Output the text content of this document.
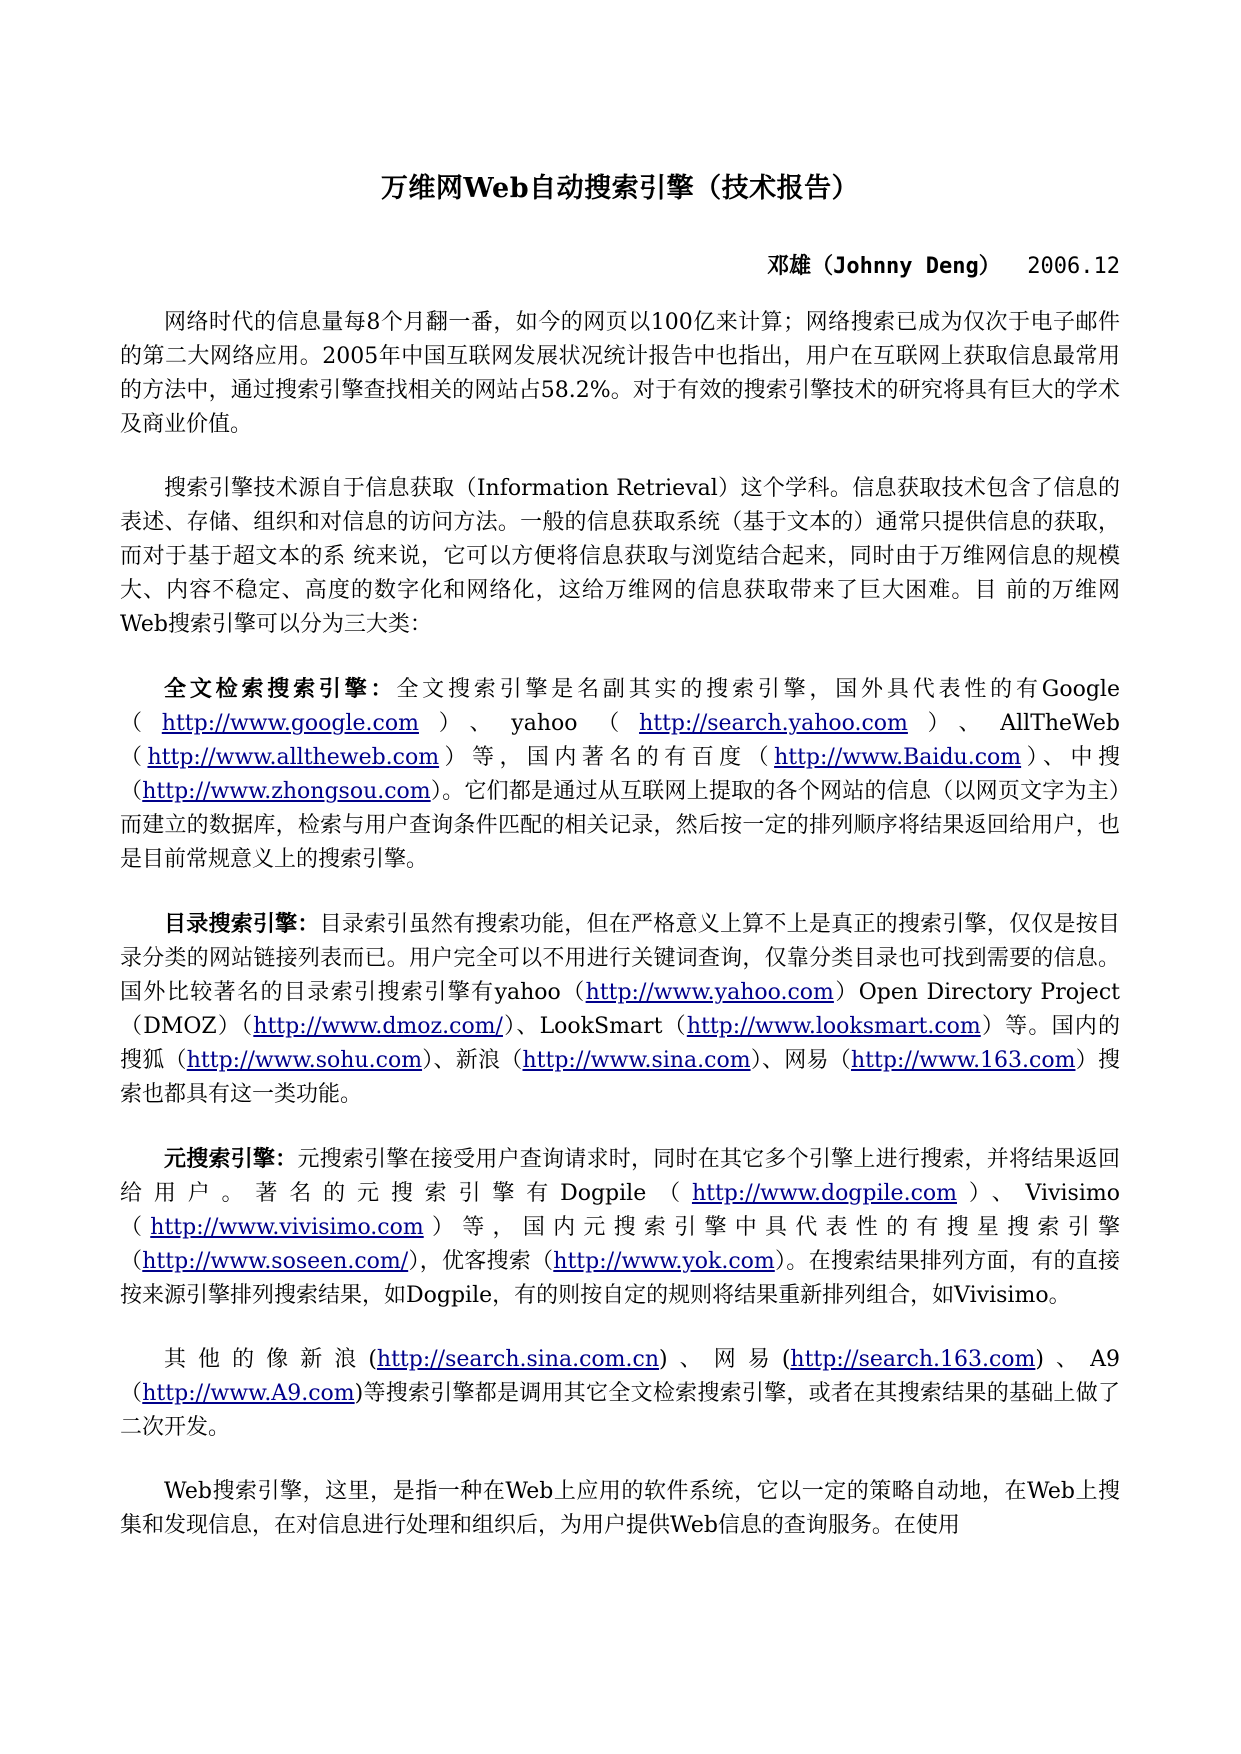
万维网Web自动搜索引擎（技术报告）
邓雄（Johnny Deng） 2006.12

网络时代的信息量每8个月翻一番，如今的网页以100亿来计算；网络搜索已成为仅次于电子邮件的第二大网络应用。2005年中国互联网发展状况统计报告中也指出，用户在互联网上获取信息最常用的方法中，通过搜索引擎查找相关的网站占58.2%。对于有效的搜索引擎技术的研究将具有巨大的学术及商业价值。

搜索引擎技术源自于信息获取（Information Retrieval）这个学科。信息获取技术包含了信息的表述、存储、组织和对信息的访问方法。一般的信息获取系统（基于文本的）通常只提供信息的获取，而对于基于超文本的系 统来说，它可以方便将信息获取与浏览结合起来，同时由于万维网信息的规模大、内容不稳定、高度的数字化和网络化，这给万维网的信息获取带来了巨大困难。目 前的万维网Web搜索引擎可以分为三大类：

全文检索搜索引擎：全文搜索引擎是名副其实的搜索引擎，国外具代表性的有Google（http://www.google.com）、yahoo（http://search.yahoo.com）、AllTheWeb（http://www.alltheweb.com）等，国内著名的有百度（http://www.Baidu.com）、中搜（http://www.zhongsou.com）。它们都是通过从互联网上提取的各个网站的信息（以网页文字为主）而建立的数据库，检索与用户查询条件匹配的相关记录，然后按一定的排列顺序将结果返回给用户，也是目前常规意义上的搜索引擎。

目录搜索引擎：目录索引虽然有搜索功能，但在严格意义上算不上是真正的搜索引擎，仅仅是按目录分类的网站链接列表而已。用户完全可以不用进行关键词查询，仅靠分类目录也可找到需要的信息。国外比较著名的目录索引搜索引擎有yahoo（http://www.yahoo.com）Open Directory Project（DMOZ）（http://www.dmoz.com/）、LookSmart（http://www.looksmart.com）等。国内的搜狐（http://www.sohu.com）、新浪（http://www.sina.com）、网易（http://www.163.com）搜索也都具有这一类功能。

元搜索引擎：元搜索引擎在接受用户查询请求时，同时在其它多个引擎上进行搜索，并将结果返回给用户。著名的元搜索引擎有Dogpile（http://www.dogpile.com）、Vivisimo（http://www.vivisimo.com）等，国内元搜索引擎中具代表性的有搜星搜索引擎（http://www.soseen.com/），优客搜索（http://www.yok.com）。在搜索结果排列方面，有的直接按来源引擎排列搜索结果，如Dogpile，有的则按自定的规则将结果重新排列组合，如Vivisimo。

其他的像新浪(http://search.sina.com.cn)、网易(http://search.163.com)、A9（http://www.A9.com)等搜索引擎都是调用其它全文检索搜索引擎，或者在其搜索结果的基础上做了二次开发。

Web搜索引擎，这里，是指一种在Web上应用的软件系统，它以一定的策略自动地，在Web上搜集和发现信息，在对信息进行处理和组织后，为用户提供Web信息的查询服务。在使用
